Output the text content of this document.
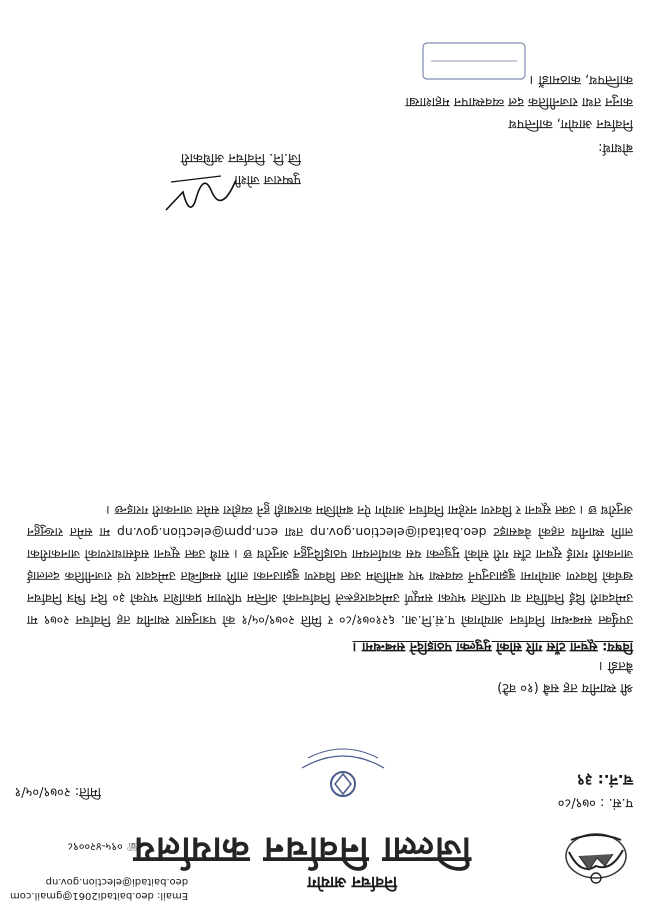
निर्वाचन आयोग
जिल्ला निर्वाचन कार्यालय
☏ ०९५-४२००९८
Email: deo.baitadi2061@gmail.com
deo.baitadi@election.gov.np
प.सं. : ०७९/८०
च.नं.: ३९
मिति: २०७९/०५/१
श्री स्थानीय तह सबै (१० वटै)
बैतडी ।
विषय: सूचना टाँस गरि सोको मुचुल्का पठाइदिने सम्बन्धमा ।
उपर्युक्त सम्बन्धमा निर्वाचन आयोगको प.सं.नि.आ. ६२१०७१/८० र मिति २०७९/०५/१ को पत्रानुसार स्थानीय तह निर्वाचन २०७९ मा उम्मेदवारी दिई निर्वाचित वा पराजित भएका सम्पूर्ण उम्मेदवारहरूले निर्वाचनको अन्तिम परिणाम प्रकाशित भएको ३० दिन भित्र निर्वाचन खर्चको विवरण आयोगमा बुझाउनुपर्ने व्यवस्था भए बमोजिम उक्त विवरण बुझाउनका लागि सम्बन्धित उम्मेदवार एवं राजनीतिक दललाई जानकारी गराई सूचना टाँस गरी सोको मुचुल्का यस कार्यालयमा पठाइदिनुहुन अनुरोध छ । साथै उक्त सूचना सर्वसाधारणको जानकारीका लागि स्थानीय तहको वेबसाइट deo.baitadi@election.gov.np तथा ecn.ppm@election.gov.np मा समेत राख्नुहुन अनुरोध छ । उक्त सूचना र विवरण नरहेमा निर्वाचन आयोग ऐन बमोजिम कारबाही हुने व्यहोरा समेत जानकारी गराइन्छ ।
पुष्पराज जोशी
जि.नि. निर्वाचन अधिकारी
बोधार्थ:
निर्वाचन आयोग, कान्तिपथ
कानुन तथा राजनीतिक दल व्यवस्थापन महाशाखा
कान्तिपथ, काठमाडौं ।
